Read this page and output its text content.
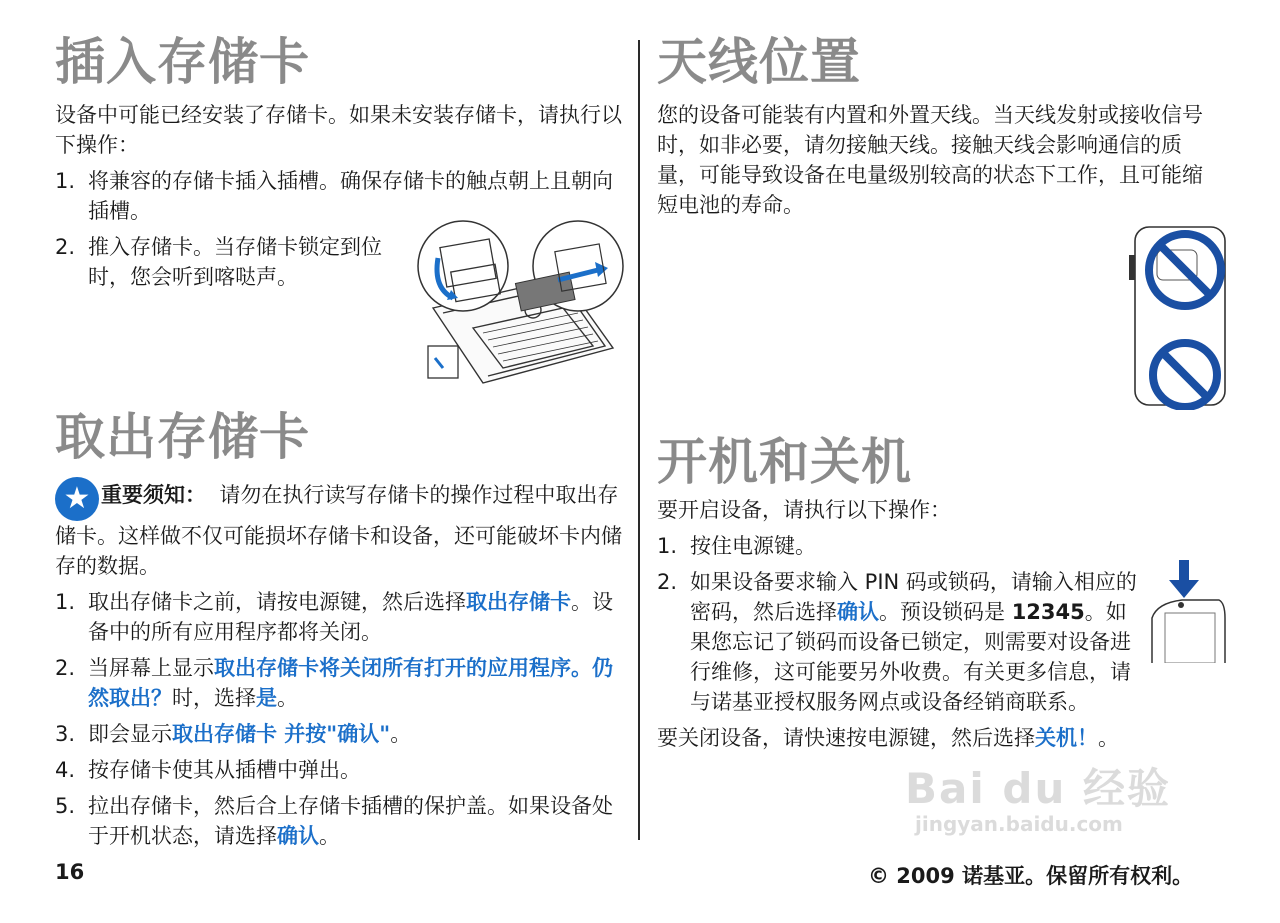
插入存储卡

设备中可能已经安装了存储卡。如果未安装存储卡，请执行以下操作：

1. 将兼容的存储卡插入插槽。确保存储卡的触点朝上且朝向插槽。
2. 推入存储卡。当存储卡锁定到位时，您会听到喀哒声。
取出存储卡

★ 重要须知： 请勿在执行读写存储卡的操作过程中取出存储卡。这样做不仅可能损坏存储卡和设备，还可能破坏卡内储存的数据。

1. 取出存储卡之前，请按电源键，然后选择取出存储卡。设备中的所有应用程序都将关闭。
2. 当屏幕上显示取出存储卡将关闭所有打开的应用程序。仍然取出？时，选择是。
3. 即会显示取出存储卡 并按"确认"。
4. 按存储卡使其从插槽中弹出。
5. 拉出存储卡，然后合上存储卡插槽的保护盖。如果设备处于开机状态，请选择确认。
天线位置

您的设备可能装有内置和外置天线。当天线发射或接收信号时，如非必要，请勿接触天线。接触天线会影响通信的质量，可能导致设备在电量级别较高的状态下工作，且可能缩短电池的寿命。

开机和关机

要开启设备，请执行以下操作：

1. 按住电源键。
2. 如果设备要求输入 PIN 码或锁码，请输入相应的密码，然后选择确认。预设锁码是 12345。如果您忘记了锁码而设备已锁定，则需要对设备进行维修，这可能要另外收费。有关更多信息，请与诺基亚授权服务网点或设备经销商联系。

要关闭设备，请快速按电源键，然后选择关机！。

16	© 2009 诺基亚。保留所有权利。
Bai du 经验
jingyan.baidu.com
